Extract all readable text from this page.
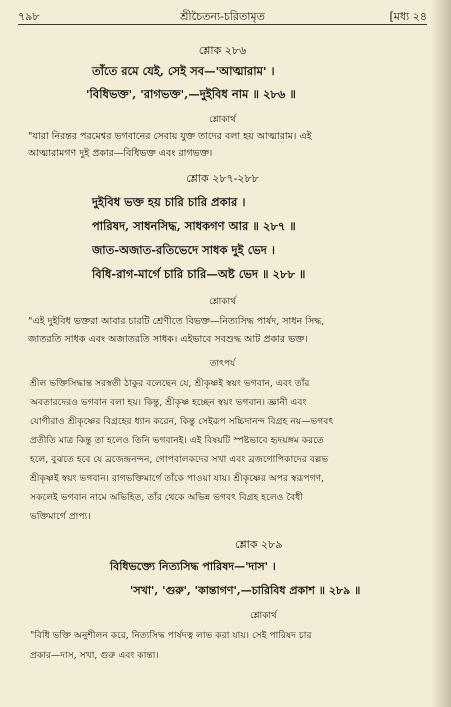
৭৯৮	শ্রীচৈতন্য-চরিতামৃত	[মধ্য ২৪
শ্লোক ২৮৬
তাঁতে রমে যেই, সেই সব—'আত্মারাম' ।
'বিধিভক্ত', 'রাগভক্ত',—দুইবিধ নাম ॥ ২৮৬ ॥
শ্লোকার্থ
"যারা নিরন্তর পরমেশ্বর ভগবানের সেবায় যুক্ত তাদের বলা হয় আত্মারাম। এই
আত্মারামগণ দুই প্রকার—বিধিভক্ত এবং রাগভক্ত।
শ্লোক ২৮৭-২৮৮
দুইবিধ ভক্ত হয় চারি চারি প্রকার ।
পারিষদ, সাধনসিদ্ধ, সাধকগণ আর ॥ ২৮৭ ॥
জাত-অজাত-রতিভেদে সাধক দুই ভেদ ।
বিধি-রাগ-মার্গে চারি চারি—অষ্ট ভেদ ॥ ২৮৮ ॥
শ্লোকার্থ
"এই দুইবিধ ভক্তরা আবার চারটি শ্রেণীতে বিভক্ত—নিত্যসিদ্ধ পার্ষদ, সাধন সিদ্ধ,
জাতরতি সাধক এবং অজাতরতি সাধক। এইভাবে সবশুদ্ধ আট প্রকার ভক্ত।
তাৎপর্য
শ্রীল ভক্তিসিদ্ধান্ত সরস্বতী ঠাকুর বলেছেন যে, শ্রীকৃষ্ণই স্বয়ং ভগবান, এবং তাঁর
অবতারদেরও ভগবান বলা হয়। কিন্তু, শ্রীকৃষ্ণ হচ্ছেন স্বয়ং ভগবান। জ্ঞানী এবং
যোগীরাও শ্রীকৃষ্ণের বিগ্রহের ধ্যান করেন, কিন্তু সেইরূপ সচ্চিদানন্দ বিগ্রহ নয়—ভগবৎ
প্রতীতি মাত্র কিন্তু তা হলেও তিনি ভগবানই। এই বিষয়টি স্পষ্টভাবে হৃদয়ঙ্গম করতে
হলে, বুঝতে হবে যে ব্রজেন্দ্রনন্দন, গোপবালকদের সখা এবং ব্রজগোপিকাদের বল্লভ
শ্রীকৃষ্ণই স্বয়ং ভগবান। রাগভক্তিমার্গে তাঁকে পাওয়া যায়। শ্রীকৃষ্ণের অপর স্বরূপগণ,
সকলেই ভগবান নামে অভিহিত, তাঁর থেকে অভিন্ন ভগবৎ বিগ্রহ হলেও বৈধী
ভক্তিমার্গে প্রাপ্য।
শ্লোক ২৮৯
বিধিভক্ত্যে নিত্যসিদ্ধ পারিষদ—'দাস' ।
'সখা', 'গুরু', 'কান্তাগণ',—চারিবিধ প্রকাশ ॥ ২৮৯ ॥
শ্লোকার্থ
"বিধি ভক্তি অনুশীলন করে, নিত্যসিদ্ধ পার্ষদত্ব লাভ করা যায়। সেই পারিষদ চার
প্রকার—দাস, সখা, গুরু এবং কান্তা।
